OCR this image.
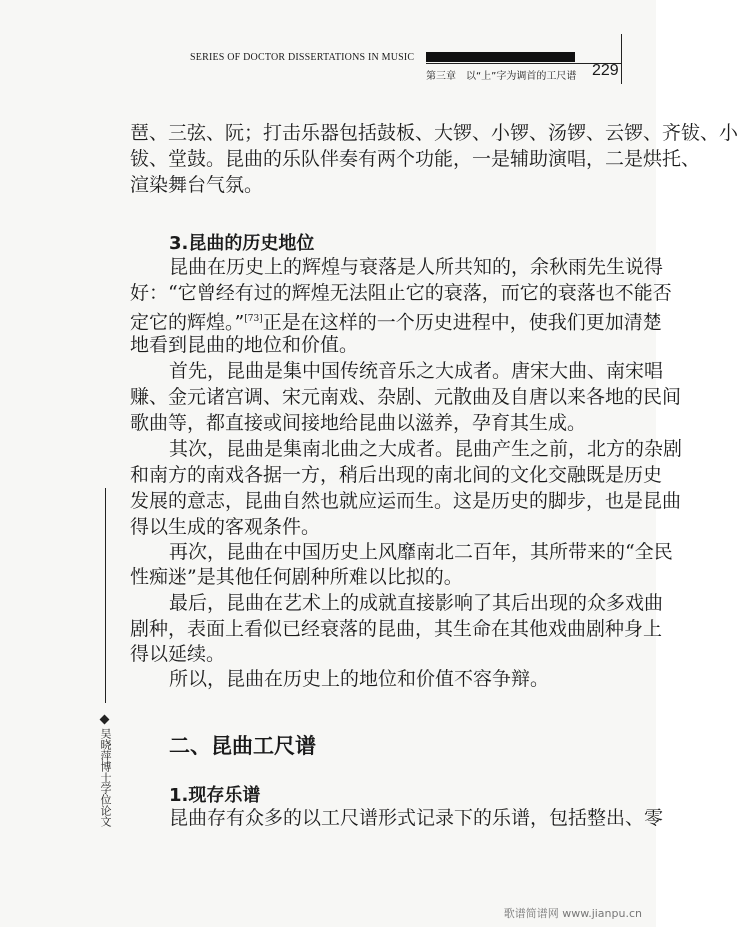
SERIES OF DOCTOR DISSERTATIONS IN MUSIC
第三章　以“上”字为调首的工尺谱 229
琶、三弦、阮；打击乐器包括鼓板、大锣、小锣、汤锣、云锣、齐钹、小
钹、堂鼓。昆曲的乐队伴奏有两个功能，一是辅助演唱，二是烘托、
渲染舞台气氛。
3.昆曲的历史地位
昆曲在历史上的辉煌与衰落是人所共知的，余秋雨先生说得
好：“它曾经有过的辉煌无法阻止它的衰落，而它的衰落也不能否
定它的辉煌。”[73]正是在这样的一个历史进程中，使我们更加清楚
地看到昆曲的地位和价值。
首先，昆曲是集中国传统音乐之大成者。唐宋大曲、南宋唱
赚、金元诸宫调、宋元南戏、杂剧、元散曲及自唐以来各地的民间
歌曲等，都直接或间接地给昆曲以滋养，孕育其生成。
其次，昆曲是集南北曲之大成者。昆曲产生之前，北方的杂剧
和南方的南戏各据一方，稍后出现的南北间的文化交融既是历史
发展的意志，昆曲自然也就应运而生。这是历史的脚步，也是昆曲
得以生成的客观条件。
再次，昆曲在中国历史上风靡南北二百年，其所带来的“全民
性痴迷”是其他任何剧种所难以比拟的。
最后，昆曲在艺术上的成就直接影响了其后出现的众多戏曲
剧种，表面上看似已经衰落的昆曲，其生命在其他戏曲剧种身上
得以延续。
所以，昆曲在历史上的地位和价值不容争辩。
二、昆曲工尺谱
1.现存乐谱
昆曲存有众多的以工尺谱形式记录下的乐谱，包括整出、零
吴晓萍博士学位论文
歌谱简谱网 www.jianpu.cn
